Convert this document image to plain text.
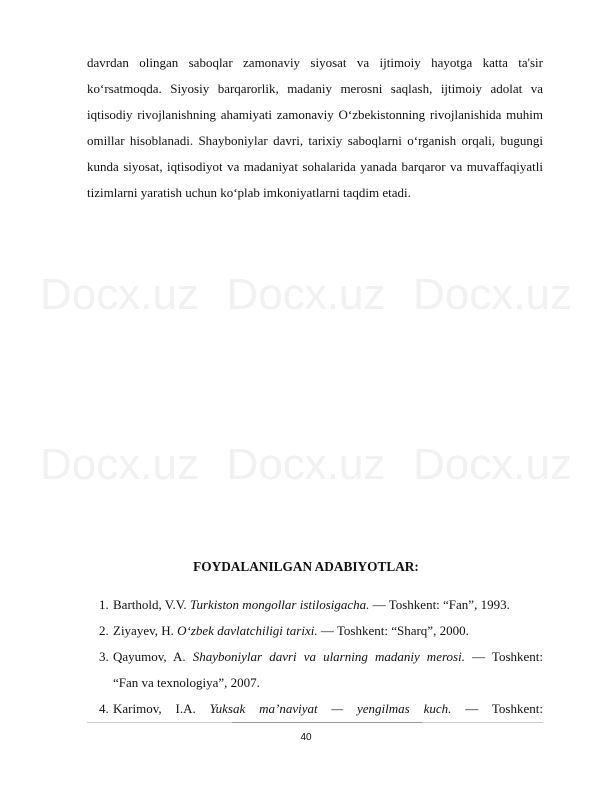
Docx.uz Docx.uz Docx.uz
Docx.uz Docx.uz Docx.uz
davrdan olingan saboqlar zamonaviy siyosat va ijtimoiy hayotga katta ta'sir
ko‘rsatmoqda. Siyosiy barqarorlik, madaniy merosni saqlash, ijtimoiy adolat va
iqtisodiy rivojlanishning ahamiyati zamonaviy O‘zbekistonning rivojlanishida muhim
omillar hisoblanadi. Shayboniylar davri, tarixiy saboqlarni o‘rganish orqali, bugungi
kunda siyosat, iqtisodiyot va madaniyat sohalarida yanada barqaror va muvaffaqiyatli
tizimlarni yaratish uchun ko‘plab imkoniyatlarni taqdim etadi.
FOYDALANILGAN ADABIYOTLAR:
1. Barthold, V.V. Turkiston mongollar istilosigacha. — Toshkent: “Fan”, 1993.
2. Ziyayev, H. O‘zbek davlatchiligi tarixi. — Toshkent: “Sharq”, 2000.
3. Qayumov, A. Shayboniylar davri va ularning madaniy merosi. — Toshkent:
“Fan va texnologiya”, 2007.
4. Karimov, I.A. Yuksak ma’naviyat — yengilmas kuch. — Toshkent:
40
